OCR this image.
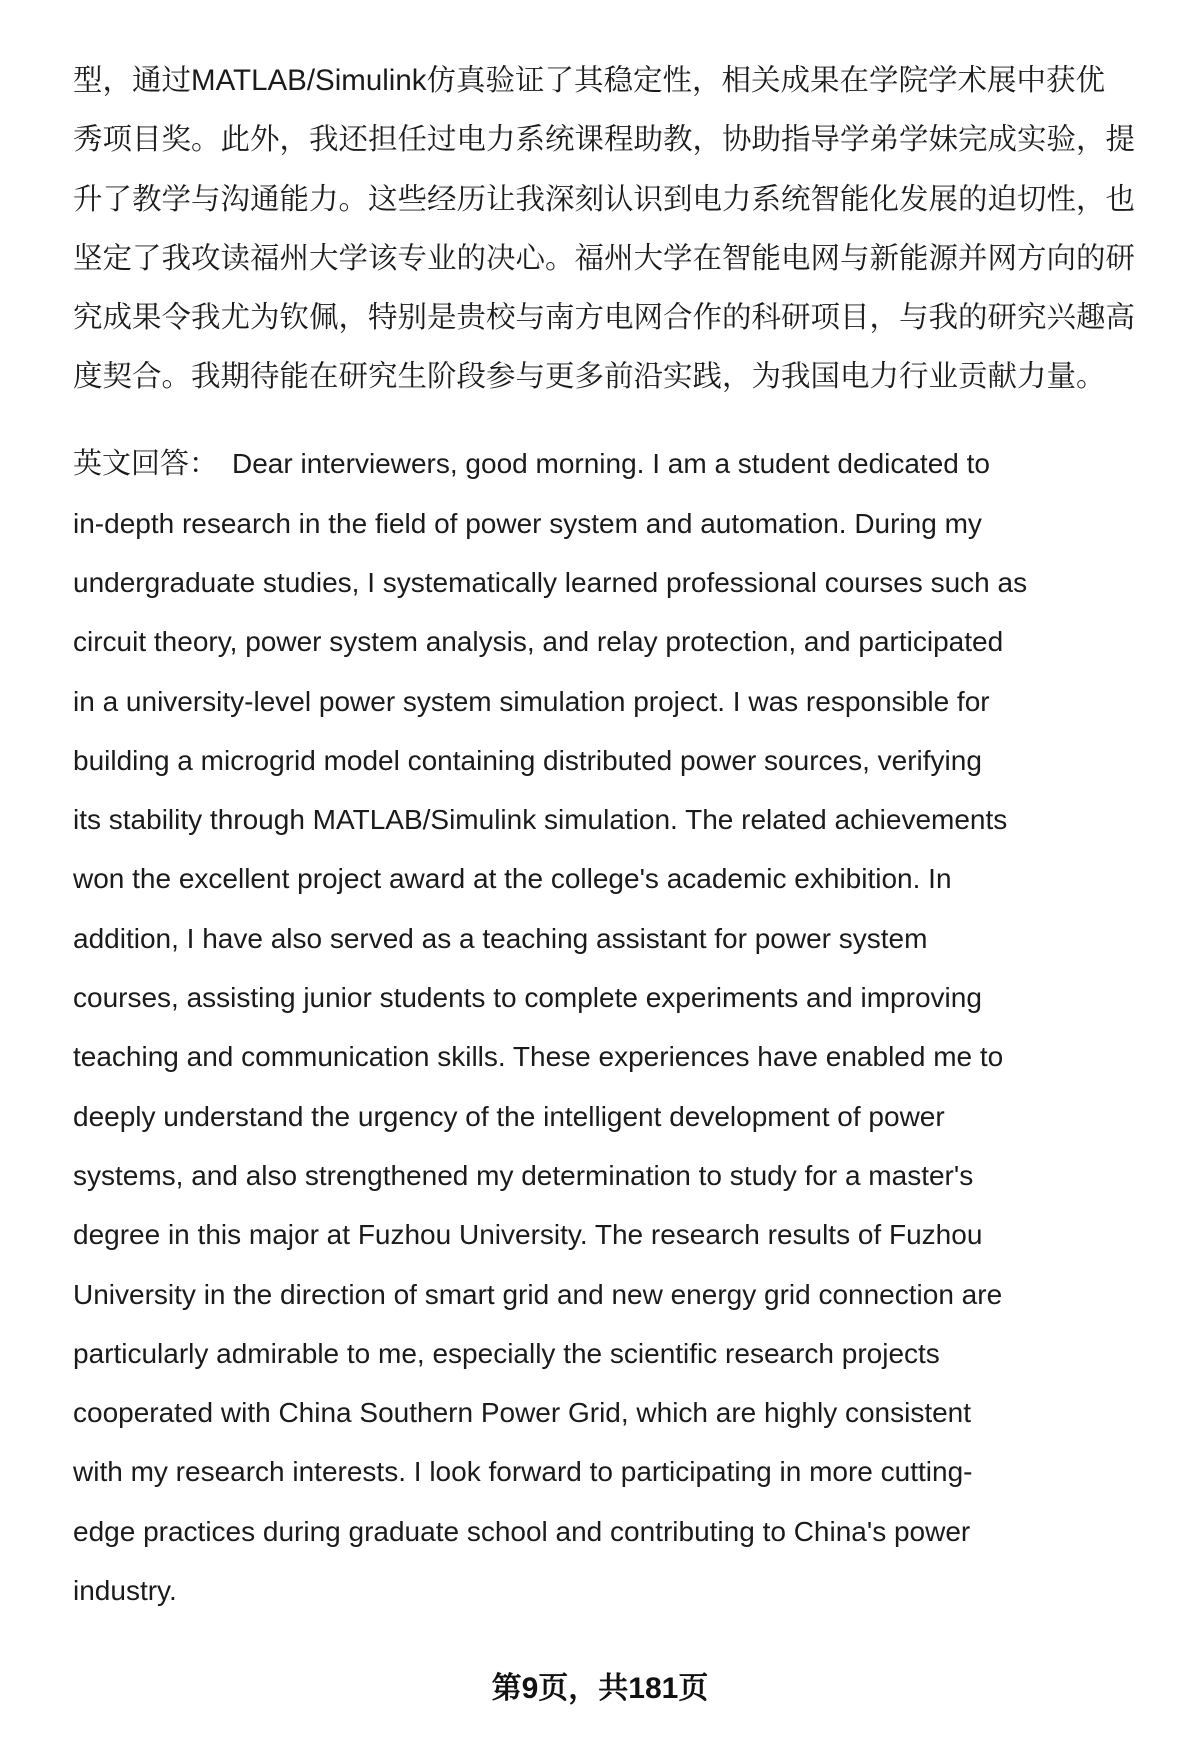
型，通过MATLAB/Simulink仿真验证了其稳定性，相关成果在学院学术展中获优
秀项目奖。此外，我还担任过电力系统课程助教，协助指导学弟学妹完成实验，提
升了教学与沟通能力。这些经历让我深刻认识到电力系统智能化发展的迫切性，也
坚定了我攻读福州大学该专业的决心。福州大学在智能电网与新能源并网方向的研
究成果令我尤为钦佩，特别是贵校与南方电网合作的科研项目，与我的研究兴趣高
度契合。我期待能在研究生阶段参与更多前沿实践，为我国电力行业贡献力量。
英文回答： Dear interviewers, good morning. I am a student dedicated to
in-depth research in the field of power system and automation. During my
undergraduate studies, I systematically learned professional courses such as
circuit theory, power system analysis, and relay protection, and participated
in a university-level power system simulation project. I was responsible for
building a microgrid model containing distributed power sources, verifying
its stability through MATLAB/Simulink simulation. The related achievements
won the excellent project award at the college's academic exhibition. In
addition, I have also served as a teaching assistant for power system
courses, assisting junior students to complete experiments and improving
teaching and communication skills. These experiences have enabled me to
deeply understand the urgency of the intelligent development of power
systems, and also strengthened my determination to study for a master's
degree in this major at Fuzhou University. The research results of Fuzhou
University in the direction of smart grid and new energy grid connection are
particularly admirable to me, especially the scientific research projects
cooperated with China Southern Power Grid, which are highly consistent
with my research interests. I look forward to participating in more cutting-
edge practices during graduate school and contributing to China's power
industry.
第9页，共181页
